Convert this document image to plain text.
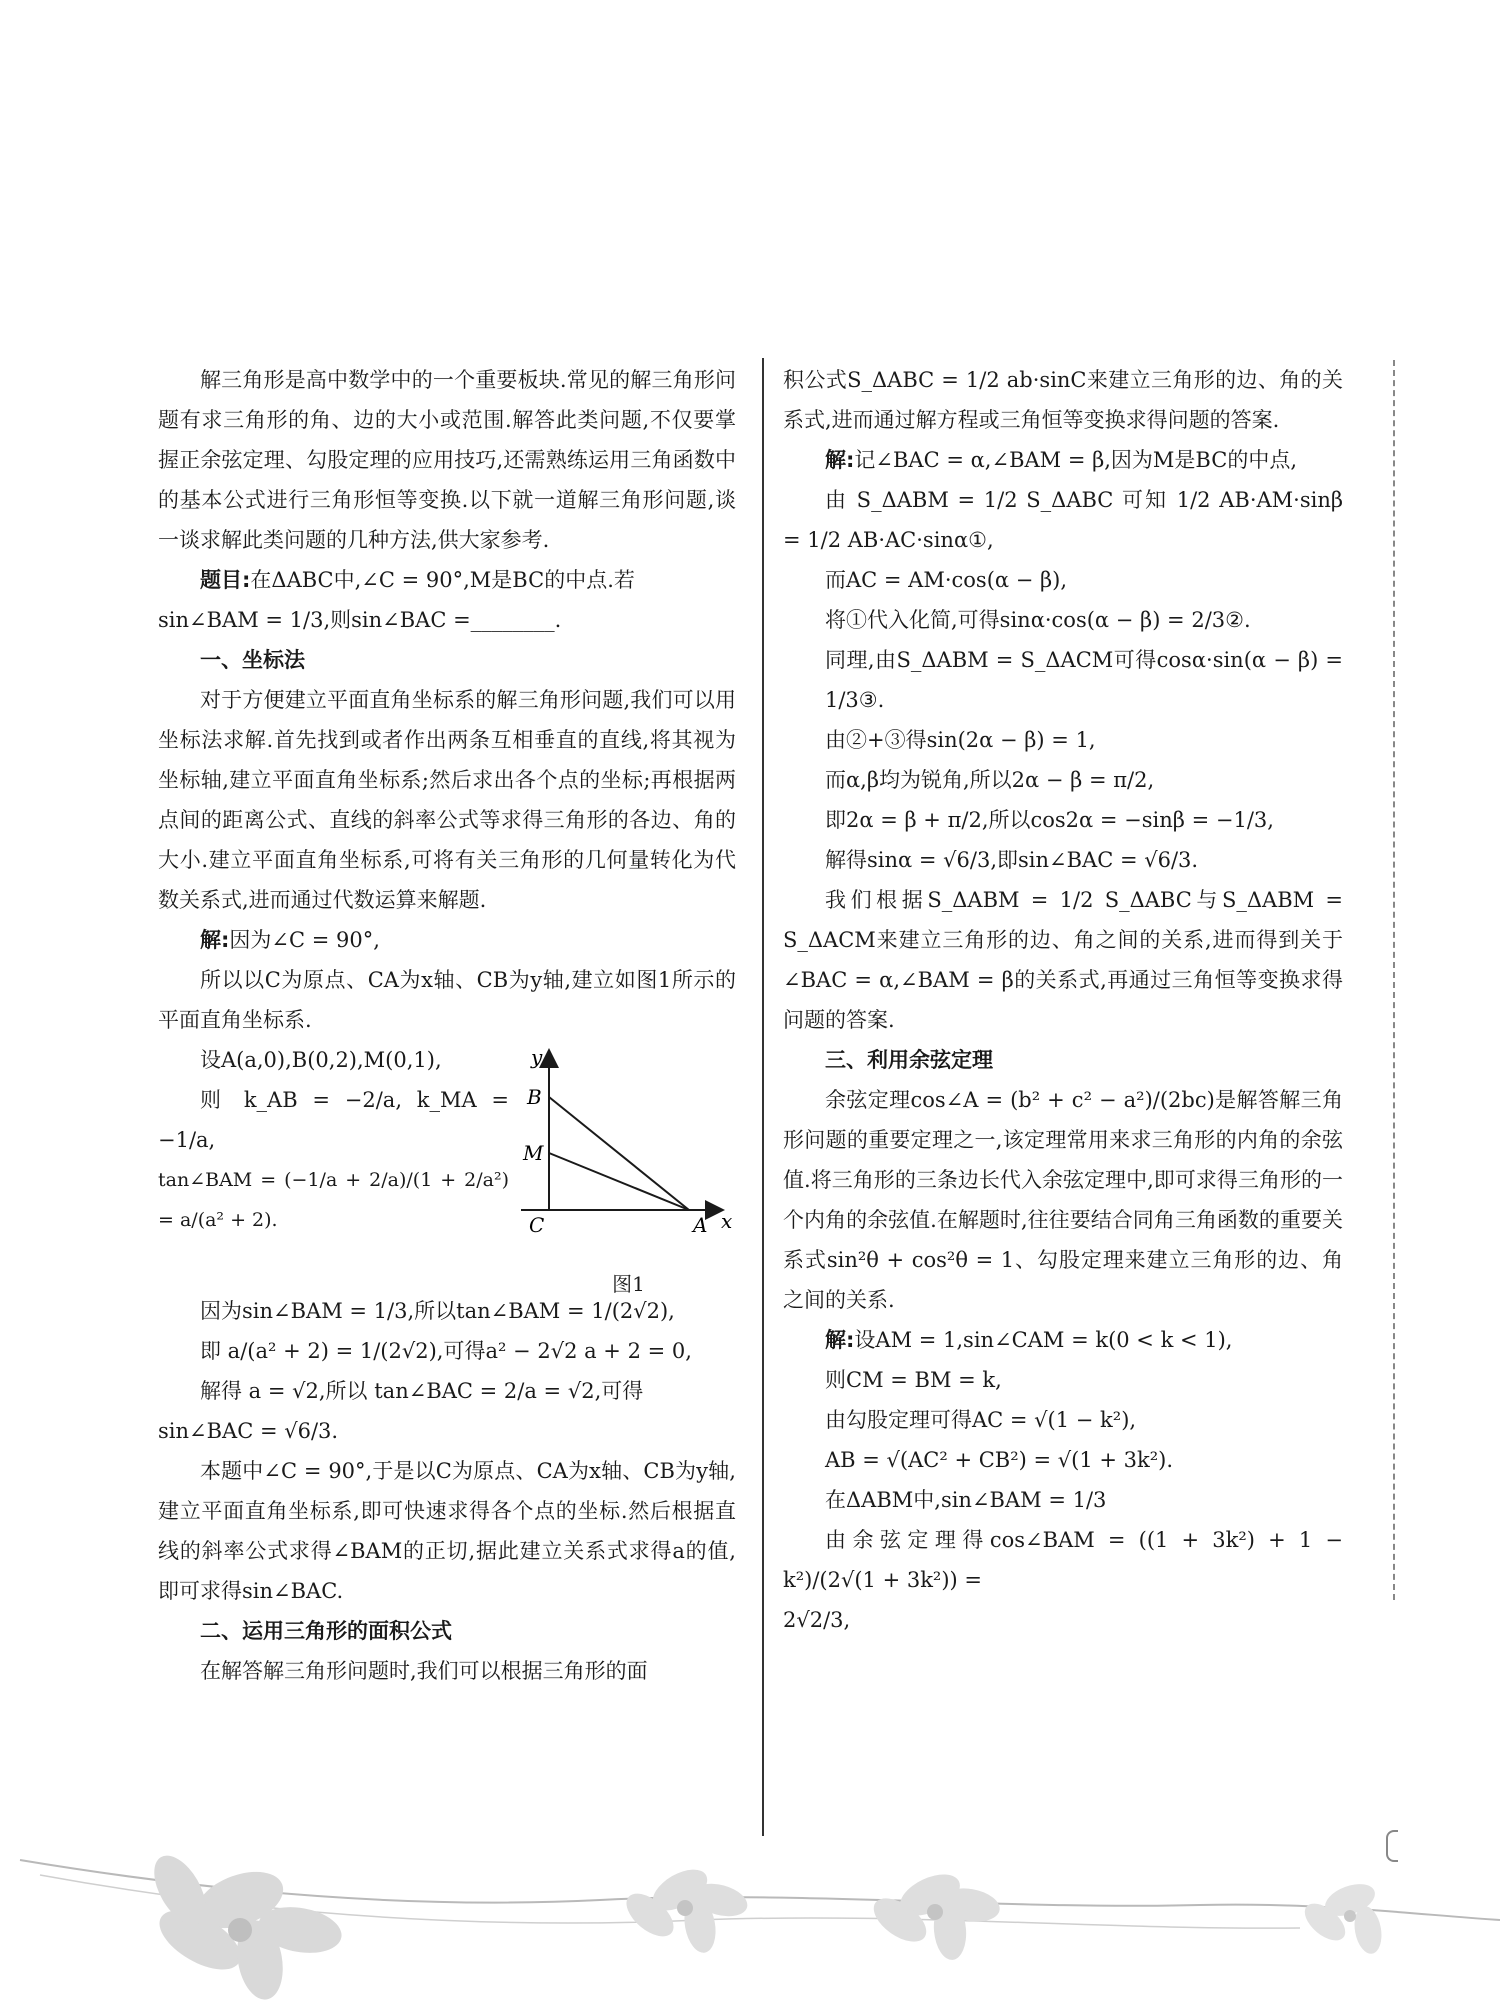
解三角形是高中数学中的一个重要板块.常见的解三角形问题有求三角形的角、边的大小或范围.解答此类问题,不仅要掌握正余弦定理、勾股定理的应用技巧,还需熟练运用三角函数中的基本公式进行三角形恒等变换.以下就一道解三角形问题,谈一谈求解此类问题的几种方法,供大家参考.

题目:在ΔABC中,∠C = 90°,M是BC的中点.若

sin∠BAM = 1/3,则sin∠BAC =________.

一、坐标法

对于方便建立平面直角坐标系的解三角形问题,我们可以用坐标法求解.首先找到或者作出两条互相垂直的直线,将其视为坐标轴,建立平面直角坐标系;然后求出各个点的坐标;再根据两点间的距离公式、直线的斜率公式等求得三角形的各边、角的大小.建立平面直角坐标系,可将有关三角形的几何量转化为代数关系式,进而通过代数运算来解题.

解:因为∠C = 90°,

所以以C为原点、CA为x轴、CB为y轴,建立如图1所示的平面直角坐标系.

y
x
B
M
C	A
图1

设A(a,0),B(0,2),M(0,1),

则 k_AB = −2/a, k_MA = −1/a,

tan∠BAM = (−1/a + 2/a)/(1 + 2/a²) = a/(a² + 2).

因为sin∠BAM = 1/3,所以tan∠BAM = 1/(2√2),

即 a/(a² + 2) = 1/(2√2),可得a² − 2√2 a + 2 = 0,

解得 a = √2,所以 tan∠BAC = 2/a = √2,可得

sin∠BAC = √6/3.

本题中∠C = 90°,于是以C为原点、CA为x轴、CB为y轴,建立平面直角坐标系,即可快速求得各个点的坐标.然后根据直线的斜率公式求得∠BAM的正切,据此建立关系式求得a的值,即可求得sin∠BAC.

二、运用三角形的面积公式

在解答解三角形问题时,我们可以根据三角形的面

积公式S_ΔABC = 1/2 ab·sinC来建立三角形的边、角的关系式,进而通过解方程或三角恒等变换求得问题的答案.

解:记∠BAC = α,∠BAM = β,因为M是BC的中点,

由 S_ΔABM = 1/2 S_ΔABC 可知 1/2 AB·AM·sinβ = 1/2 AB·AC·sinα①,

而AC = AM·cos(α − β),

将①代入化简,可得sinα·cos(α − β) = 2/3②.

同理,由S_ΔABM = S_ΔACM可得cosα·sin(α − β) = 1/3③.

由②+③得sin(2α − β) = 1,

而α,β均为锐角,所以2α − β = π/2,

即2α = β + π/2,所以cos2α = −sinβ = −1/3,

解得sinα = √6/3,即sin∠BAC = √6/3.

我们根据S_ΔABM = 1/2 S_ΔABC与S_ΔABM = S_ΔACM来建立三角形的边、角之间的关系,进而得到关于∠BAC = α,∠BAM = β的关系式,再通过三角恒等变换求得问题的答案.

三、利用余弦定理

余弦定理cos∠A = (b² + c² − a²)/(2bc)是解答解三角形问题的重要定理之一,该定理常用来求三角形的内角的余弦值.将三角形的三条边长代入余弦定理中,即可求得三角形的一个内角的余弦值.在解题时,往往要结合同角三角函数的重要关系式sin²θ + cos²θ = 1、勾股定理来建立三角形的边、角之间的关系.

解:设AM = 1,sin∠CAM = k(0 < k < 1),

则CM = BM = k,

由勾股定理可得AC = √(1 − k²),

AB = √(AC² + CB²) = √(1 + 3k²).

在ΔABM中,sin∠BAM = 1/3

由余弦定理得cos∠BAM = ((1 + 3k²) + 1 − k²)/(2√(1 + 3k²)) =

2√2/3,
